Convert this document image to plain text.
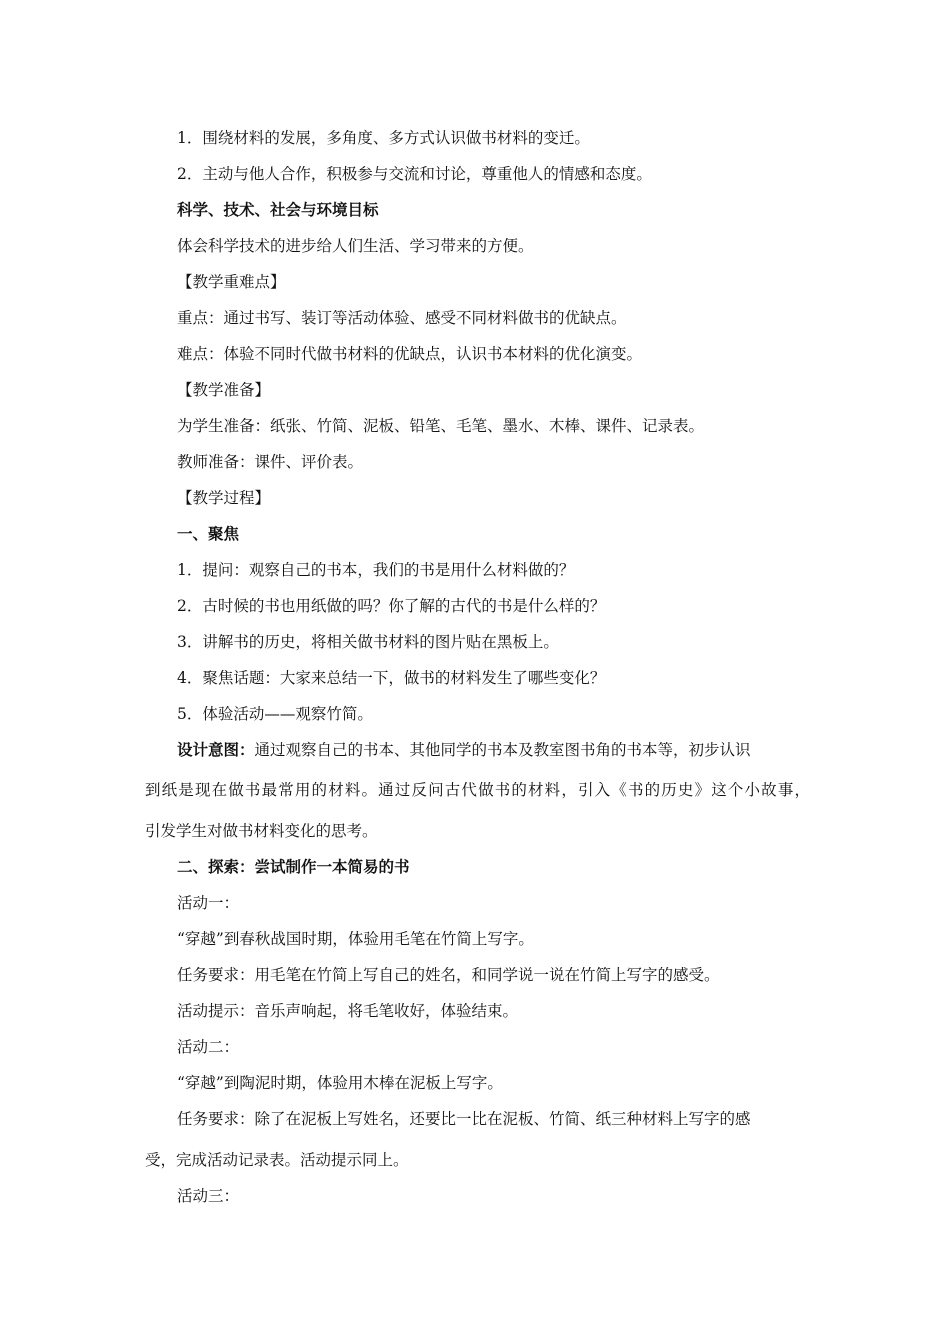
1．围绕材料的发展，多角度、多方式认识做书材料的变迁。
2．主动与他人合作，积极参与交流和讨论，尊重他人的情感和态度。
科学、技术、社会与环境目标
体会科学技术的进步给人们生活、学习带来的方便。
【教学重难点】
重点：通过书写、装订等活动体验、感受不同材料做书的优缺点。
难点：体验不同时代做书材料的优缺点，认识书本材料的优化演变。
【教学准备】
为学生准备：纸张、竹简、泥板、铅笔、毛笔、墨水、木棒、课件、记录表。
教师准备：课件、评价表。
【教学过程】
一、聚焦
1．提问：观察自己的书本，我们的书是用什么材料做的？
2．古时候的书也用纸做的吗？你了解的古代的书是什么样的？
3．讲解书的历史，将相关做书材料的图片贴在黑板上。
4．聚焦话题：大家来总结一下，做书的材料发生了哪些变化？
5．体验活动——观察竹简。
设计意图：通过观察自己的书本、其他同学的书本及教室图书角的书本等，初步认识
到纸是现在做书最常用的材料。通过反问古代做书的材料，引入《书的历史》这个小故事，
引发学生对做书材料变化的思考。
二、探索：尝试制作一本简易的书
活动一：
“穿越”到春秋战国时期，体验用毛笔在竹简上写字。
任务要求：用毛笔在竹简上写自己的姓名，和同学说一说在竹简上写字的感受。
活动提示：音乐声响起，将毛笔收好，体验结束。
活动二：
“穿越”到陶泥时期，体验用木棒在泥板上写字。
任务要求：除了在泥板上写姓名，还要比一比在泥板、竹简、纸三种材料上写字的感
受，完成活动记录表。活动提示同上。
活动三：
